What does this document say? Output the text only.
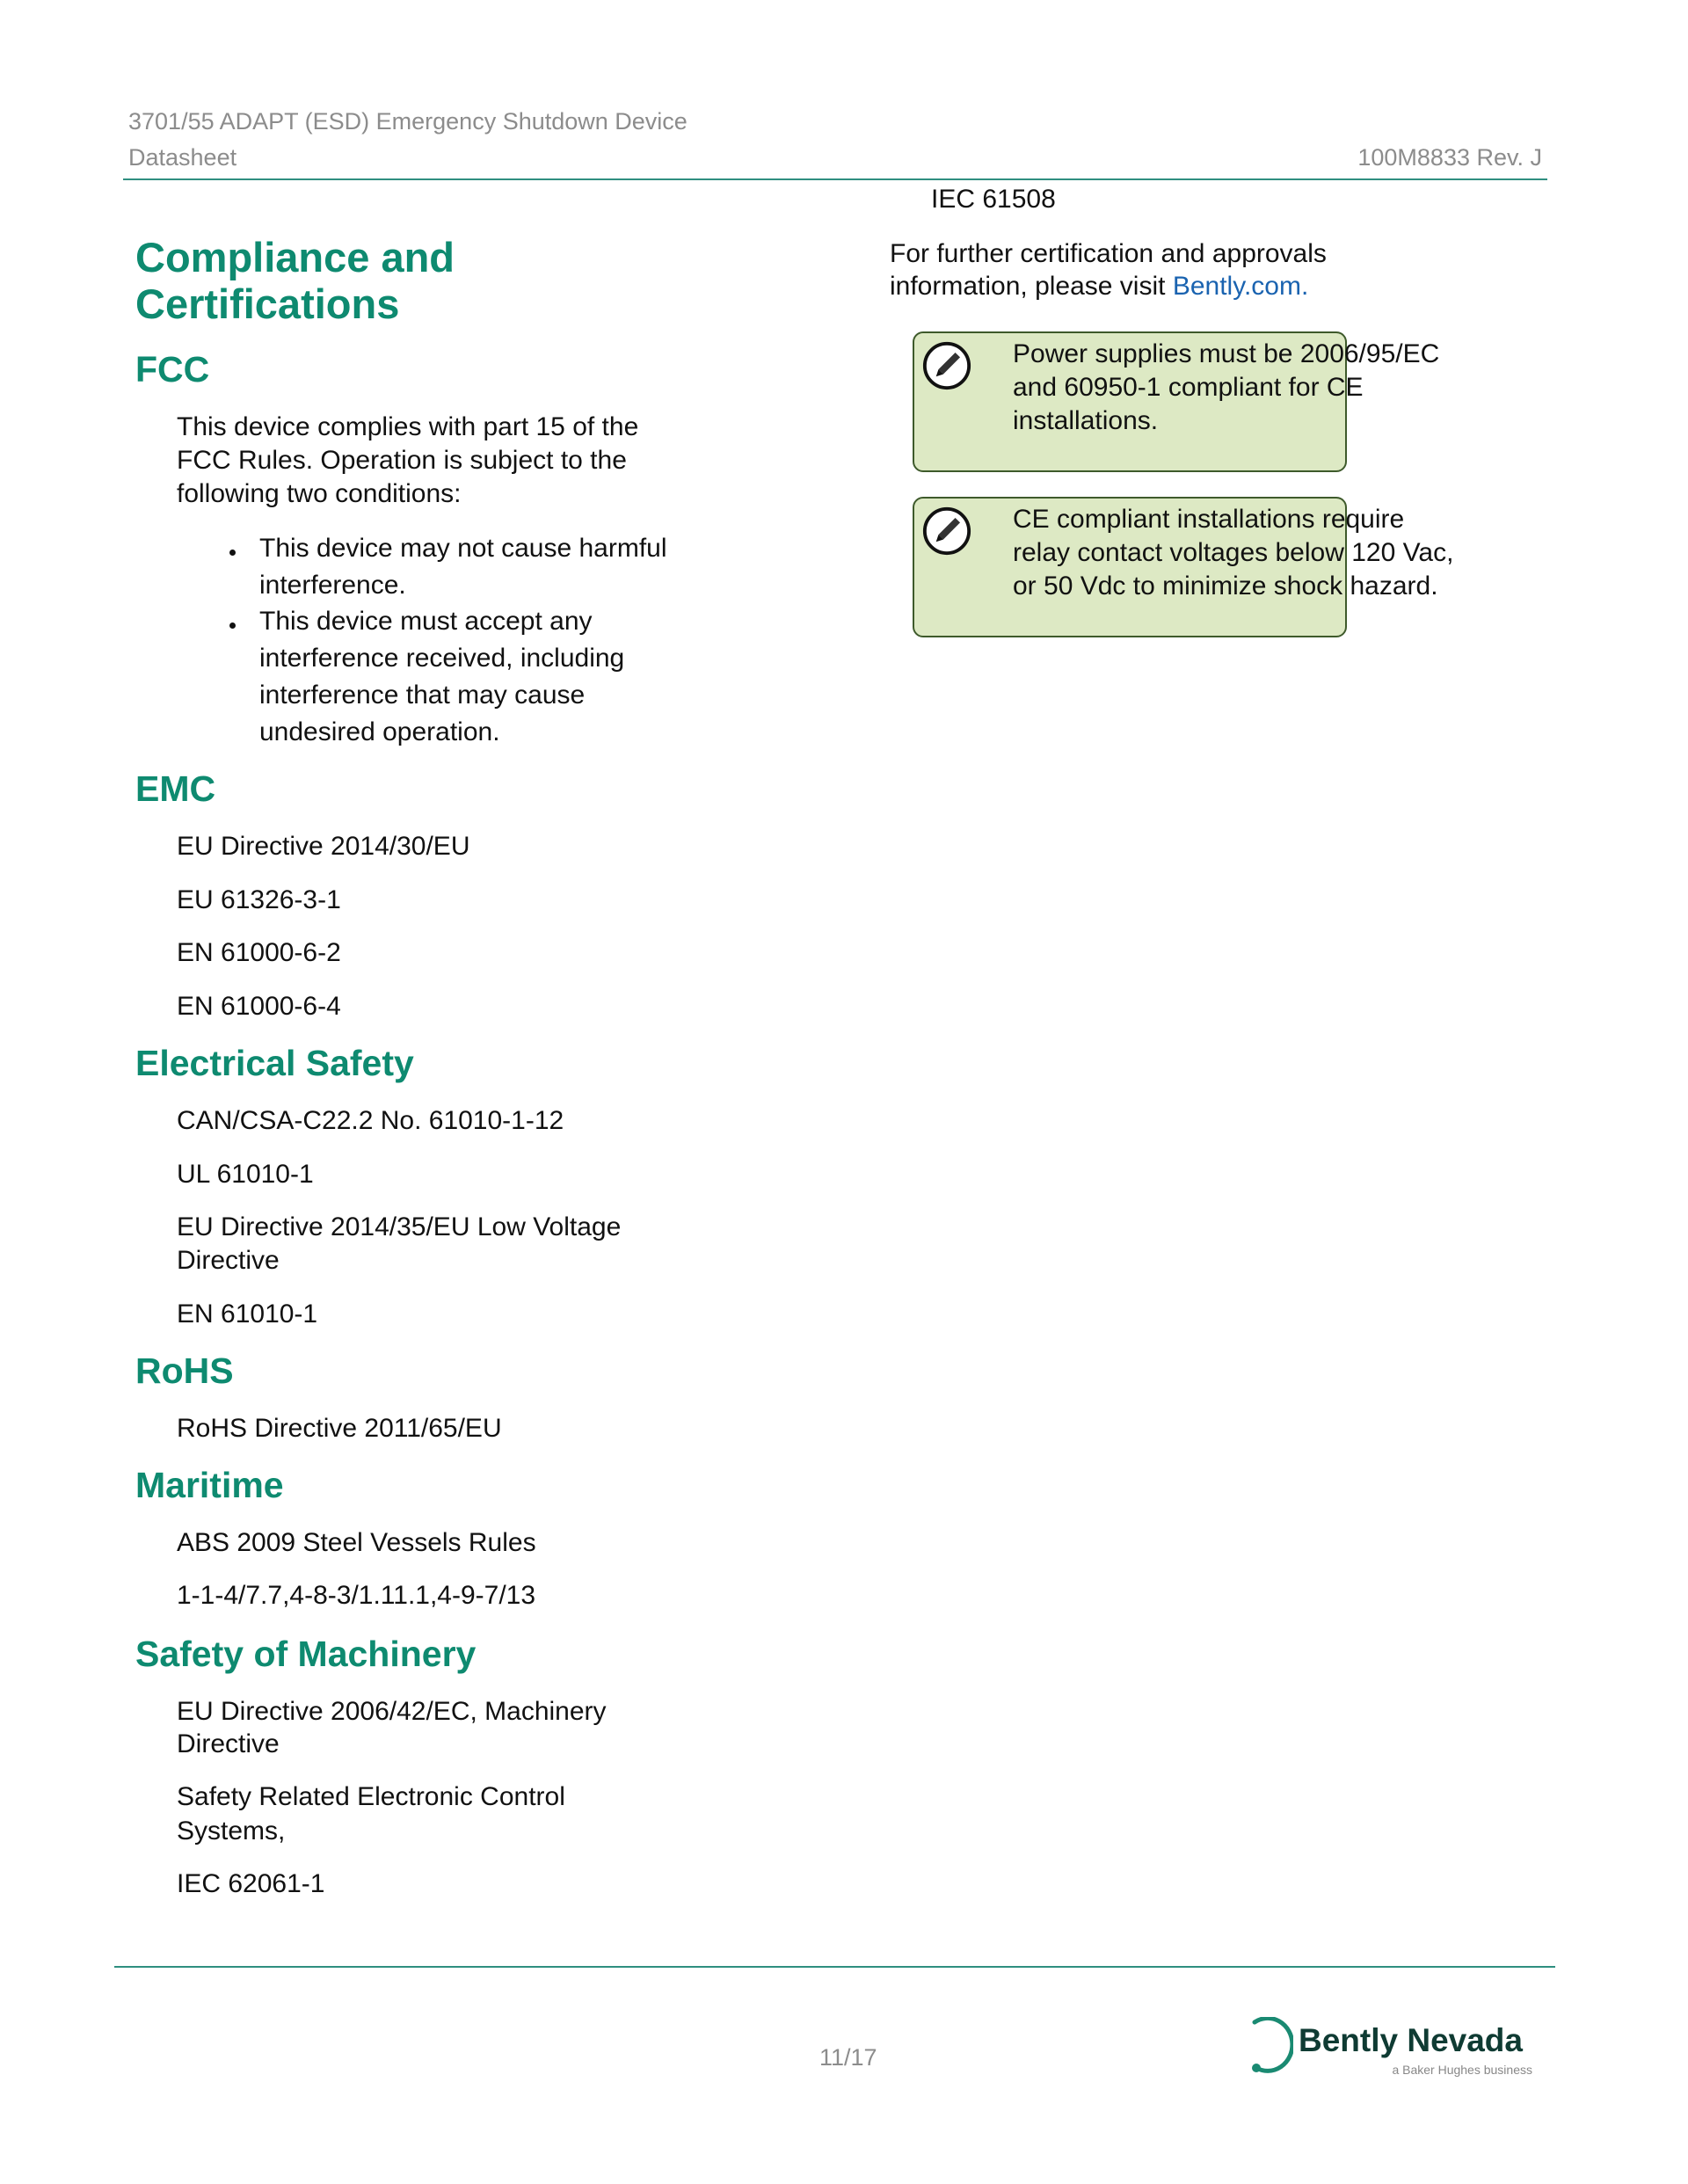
3701/55 ADAPT (ESD) Emergency Shutdown Device
Datasheet	100M8833 Rev. J
Compliance and
Certifications
FCC
This device complies with part 15 of the
FCC Rules. Operation is subject to the
following two conditions:
This device may not cause harmful
interference.
This device must accept any
interference received, including
interference that may cause
undesired operation.
EMC
EU Directive 2014/30/EU
EU 61326-3-1
EN 61000-6-2
EN 61000-6-4
Electrical Safety
CAN/CSA-C22.2 No. 61010-1-12
UL 61010-1
EU Directive 2014/35/EU Low Voltage
Directive
EN 61010-1
RoHS
RoHS Directive 2011/65/EU
Maritime
ABS 2009 Steel Vessels Rules
1-1-4/7.7,4-8-3/1.11.1,4-9-7/13
Safety of Machinery
EU Directive 2006/42/EC, Machinery
Directive
Safety Related Electronic Control
Systems,
IEC 62061-1
IEC 61508
For further certification and approvals
information, please visit Bently.com.
Power supplies must be 2006/95/EC
and 60950-1 compliant for CE
installations.
CE compliant installations require
relay contact voltages below 120 Vac,
or 50 Vdc to minimize shock hazard.
11/17	Bently Nevada
a Baker Hughes business
